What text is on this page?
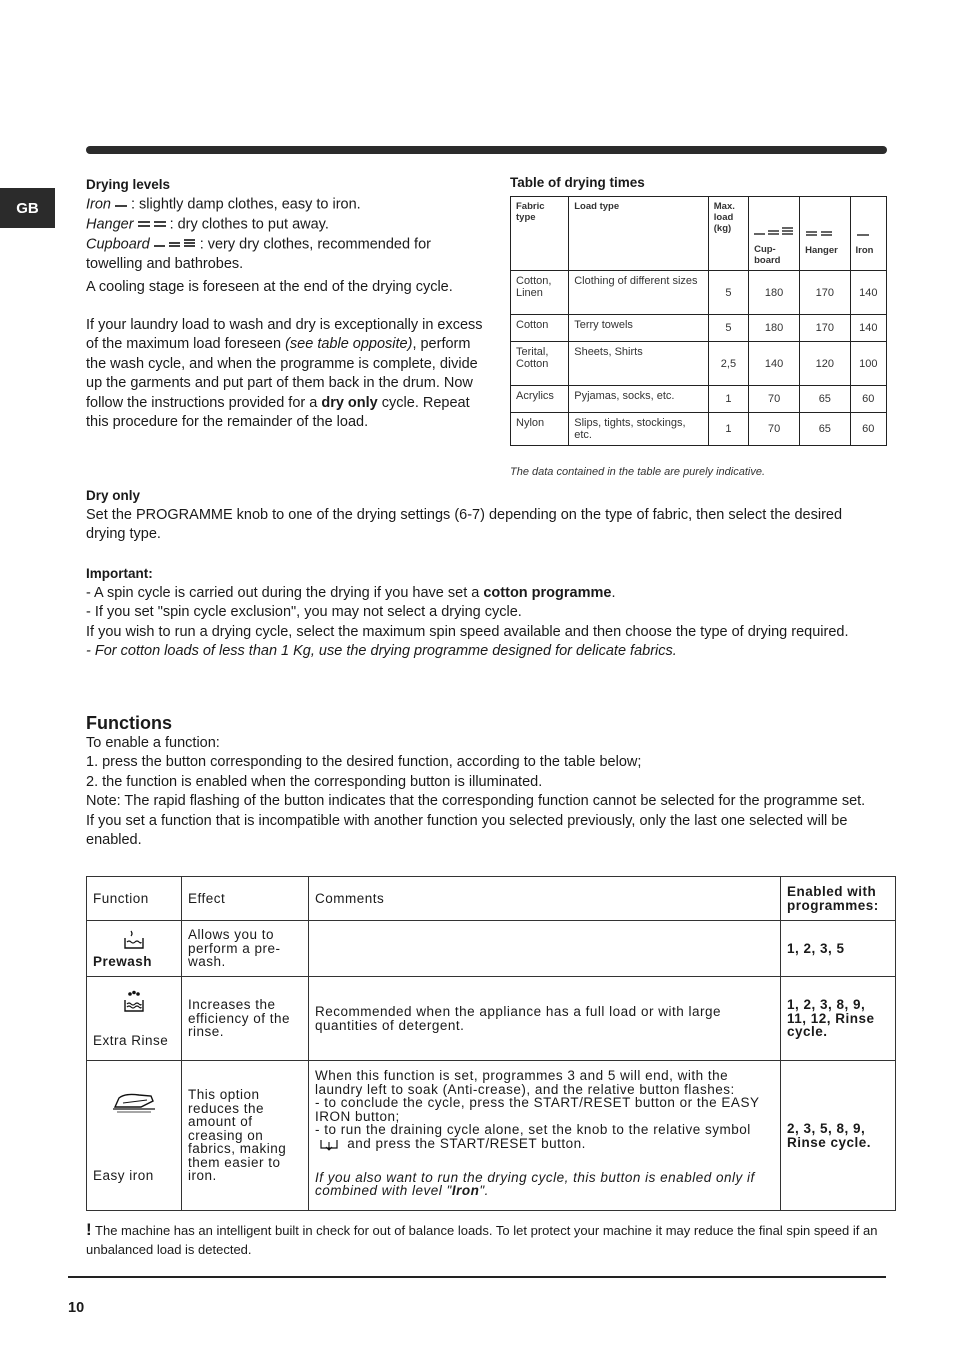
GB

Drying levels

Iron : slightly damp clothes, easy to iron.

Hanger : dry clothes to put away.

Cupboard	: very dry clothes, recommended for towelling and bathrobes.

A cooling stage is foreseen at the end of the drying cycle.

If your laundry load to wash and dry is exceptionally in excess of the maximum load foreseen (see table opposite), perform the wash cycle, and when the programme is complete, divide up the garments and put part of them back in the drum. Now follow the instructions provided for a dry only cycle. Repeat this procedure for the remainder of the load.

Table of drying times
Fabric type	Load type	Max. load (kg)	Cup-board	Hanger	Iron
Cotton, Linen	Clothing of different sizes	5	180	170	140
Cotton	Terry towels	5	180	170	140
Terital, Cotton	Sheets, Shirts	2,5	140	120	100
Acrylics	Pyjamas, socks, etc.	1	70	65	60
Nylon	Slips, tights, stockings, etc.	1	70	65	60
The data contained in the table are purely indicative.

Dry only

Set the PROGRAMME knob to one of the drying settings (6-7) depending on the type of fabric, then select the desired drying type.

Important:

- A spin cycle is carried out during the drying if you have set a cotton programme.

- If you set "spin cycle exclusion", you may not select a drying cycle.

If you wish to run a drying cycle, select the maximum spin speed available and then choose the type of drying required.

- For cotton loads of less than 1 Kg, use the drying programme designed for delicate fabrics.

Functions

To enable a function:

1. press the button corresponding to the desired function, according to the table below;

2. the function is enabled when the corresponding button is illuminated.

Note: The rapid flashing of the button indicates that the corresponding function cannot be selected for the programme set.

If you set a function that is incompatible with another function you selected previously, only the last one selected will be enabled.

Function	Effect	Comments	Enabled with programmes:

Prewash	Allows you to perform a pre-wash.		1, 2, 3, 5

Extra Rinse	Increases the efficiency of the rinse.	Recommended when the appliance has a full load or with large quantities of detergent.	1, 2, 3, 8, 9, 11, 12, Rinse cycle.

Easy iron	This option reduces the amount of creasing on fabrics, making them easier to iron.	When this function is set, programmes 3 and 5 will end, with the laundry left to soak (Anti-crease), and the relative button flashes:
- to conclude the cycle, press the START/RESET button or the EASY IRON button;
- to run the draining cycle alone, set the knob to the relative symbol  and press the START/RESET button.
If you also want to run the drying cycle, this button is enabled only if combined with level "Iron".	2, 3, 5, 8, 9, Rinse cycle.
! The machine has an intelligent built in check for out of balance loads. To let protect your machine it may reduce the final spin speed if an unbalanced load is detected.
10
